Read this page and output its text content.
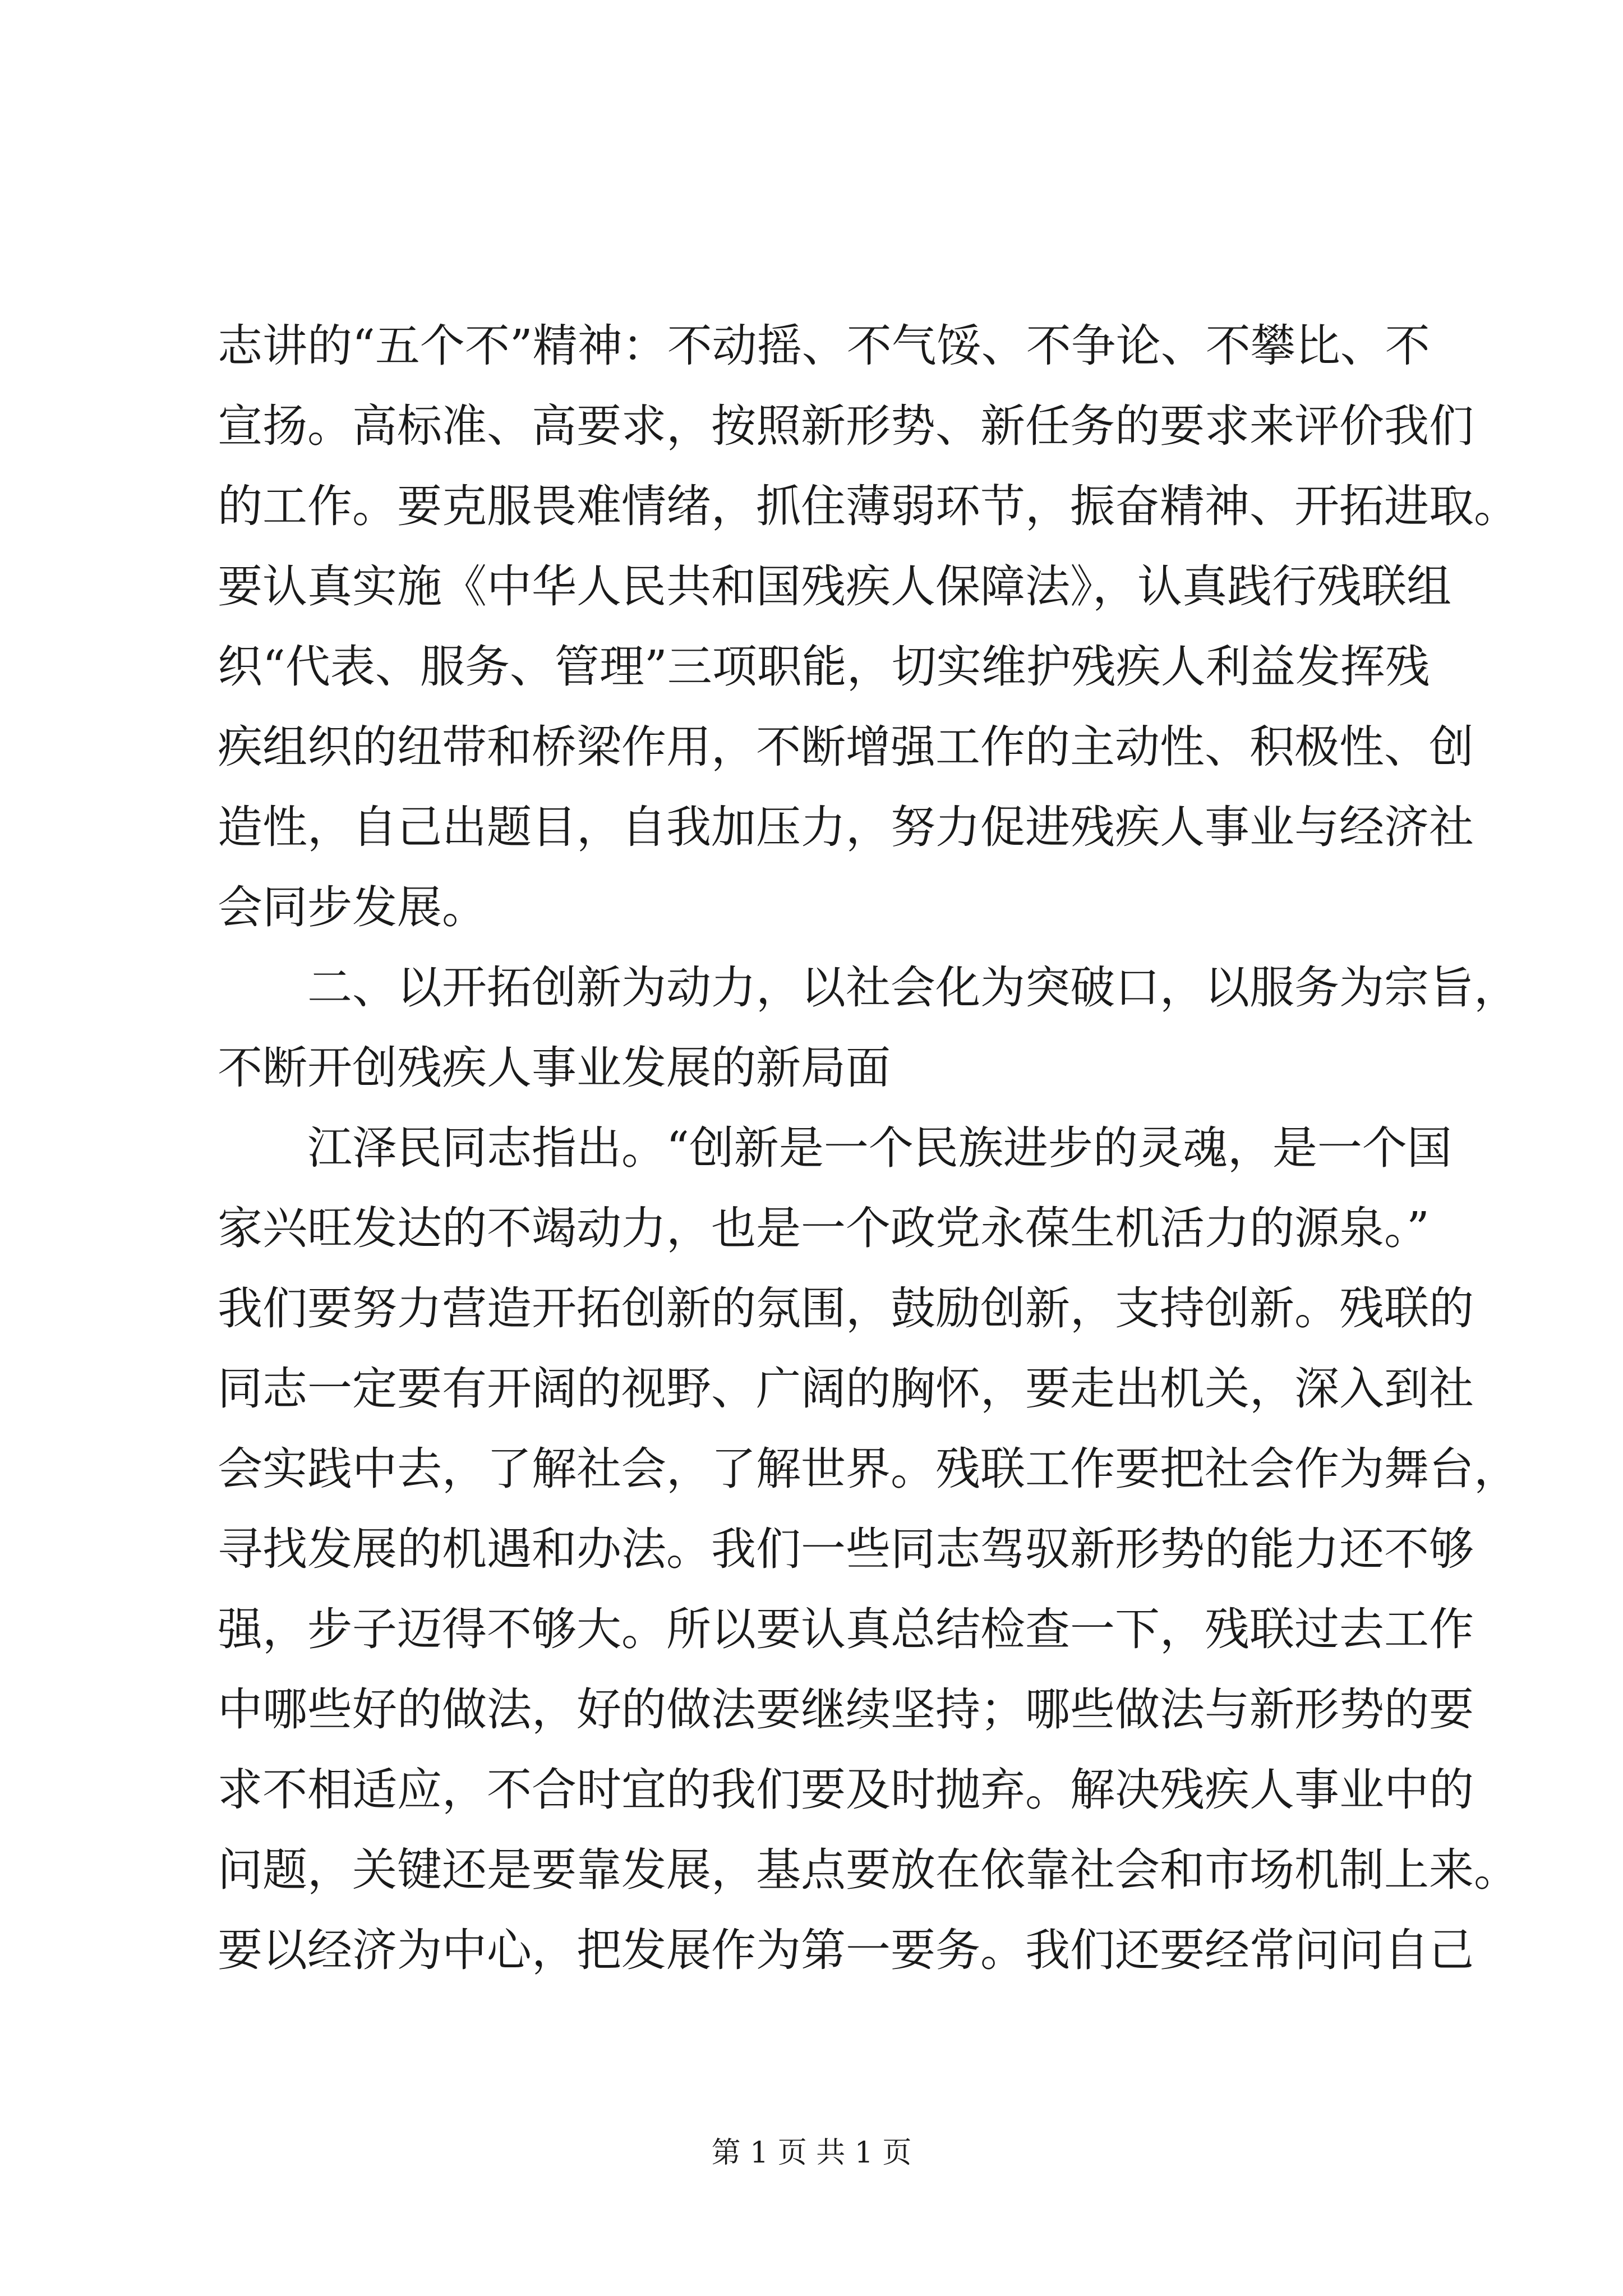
志讲的“五个不”精神：不动摇、不气馁、不争论、不攀比、不
宣扬。高标准、高要求，按照新形势、新任务的要求来评价我们
的工作。要克服畏难情绪，抓住薄弱环节，振奋精神、开拓进取。
要认真实施《中华人民共和国残疾人保障法》，认真践行残联组
织“代表、服务、管理”三项职能，切实维护残疾人利益发挥残
疾组织的纽带和桥梁作用，不断增强工作的主动性、积极性、创
造性，自己出题目，自我加压力，努力促进残疾人事业与经济社
会同步发展。
二、以开拓创新为动力，以社会化为突破口，以服务为宗旨，
不断开创残疾人事业发展的新局面
江泽民同志指出。“创新是一个民族进步的灵魂，是一个国
家兴旺发达的不竭动力，也是一个政党永葆生机活力的源泉。”
我们要努力营造开拓创新的氛围，鼓励创新，支持创新。残联的
同志一定要有开阔的视野、广阔的胸怀，要走出机关，深入到社
会实践中去，了解社会，了解世界。残联工作要把社会作为舞台，
寻找发展的机遇和办法。我们一些同志驾驭新形势的能力还不够
强，步子迈得不够大。所以要认真总结检查一下，残联过去工作
中哪些好的做法，好的做法要继续坚持；哪些做法与新形势的要
求不相适应，不合时宜的我们要及时抛弃。解决残疾人事业中的
问题，关键还是要靠发展，基点要放在依靠社会和市场机制上来。
要以经济为中心，把发展作为第一要务。我们还要经常问问自己
第 1 页 共 1 页
